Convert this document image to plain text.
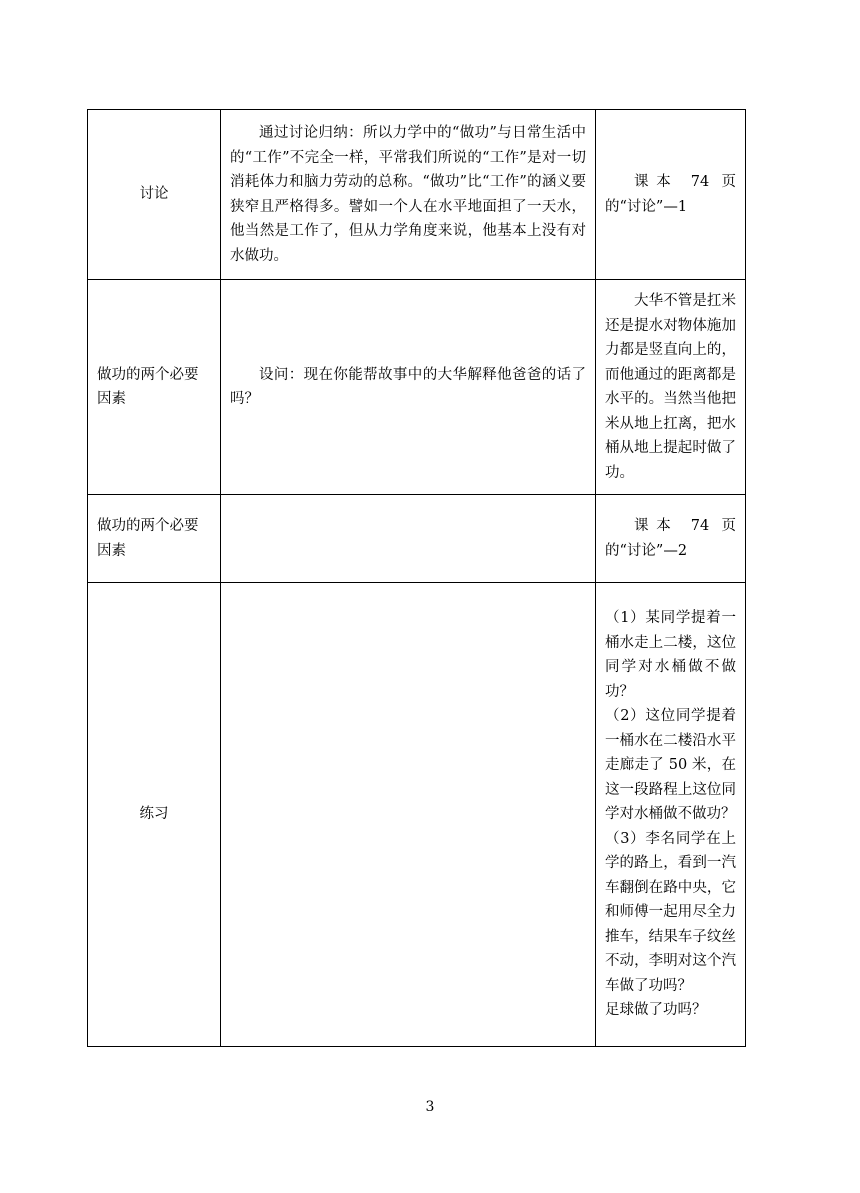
讨论	通过讨论归纳：所以力学中的“做功”与日常生活中的“工作”不完全一样，平常我们所说的“工作”是对一切消耗体力和脑力劳动的总称。“做功”比“工作”的涵义要狭窄且严格得多。譬如一个人在水平地面担了一天水，他当然是工作了，但从力学角度来说，他基本上没有对水做功。	课本 74 页的“讨论”—1

做功的两个必要因素	设问：现在你能帮故事中的大华解释他爸爸的话了吗？	大华不管是扛米还是提水对物体施加力都是竖直向上的，而他通过的距离都是水平的。当然当他把米从地上扛离，把水桶从地上提起时做了功。

做功的两个必要因素		课本 74 页的“讨论”—2

练习		（1）某同学提着一桶水走上二楼，这位同学对水桶做不做功？
（2）这位同学提着一桶水在二楼沿水平走廊走了 50 米，在这一段路程上这位同学对水桶做不做功？
（3）李名同学在上学的路上，看到一汽车翻倒在路中央，它和师傅一起用尽全力推车，结果车子纹丝不动，李明对这个汽车做了功吗？
足球做了功吗？
3
